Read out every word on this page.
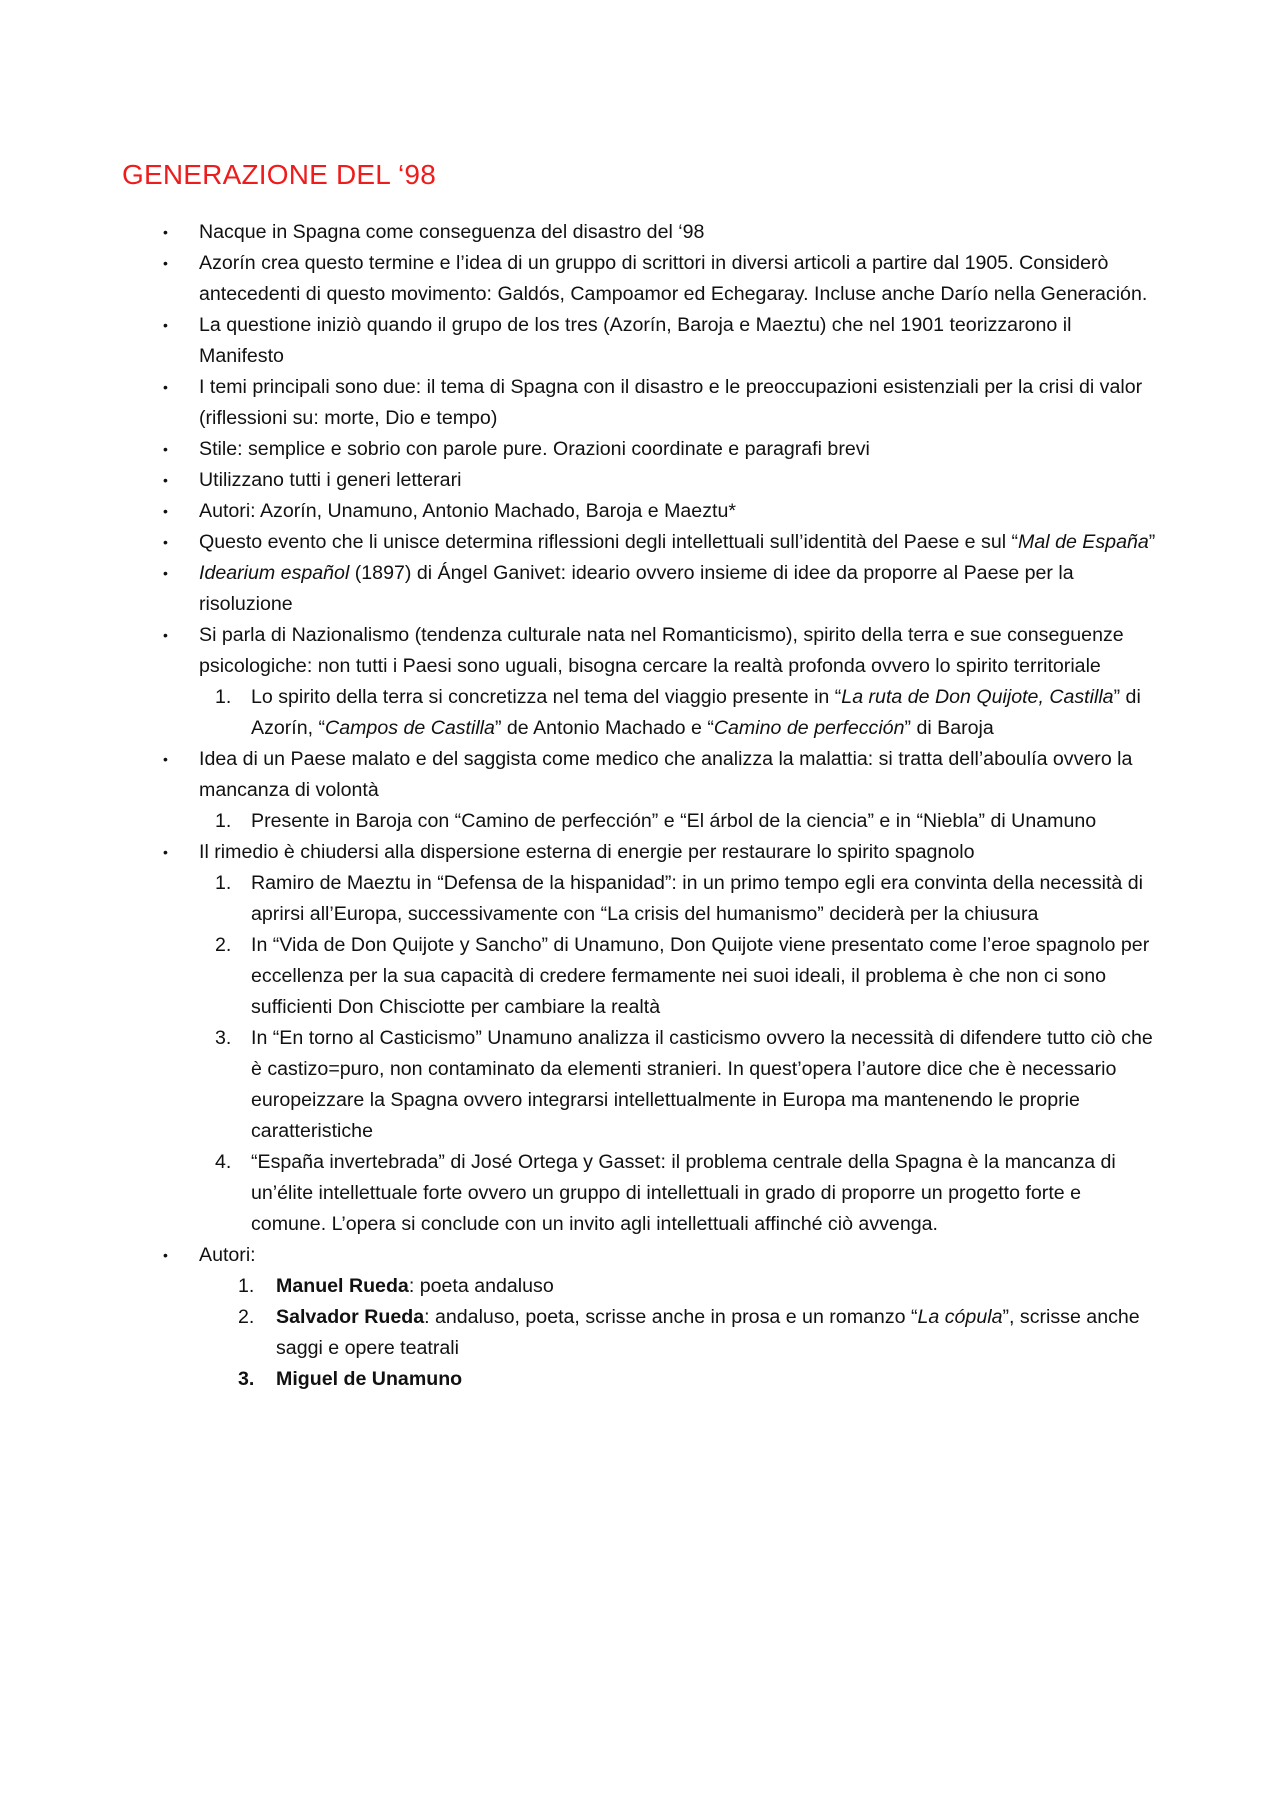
GENERAZIONE DEL ‘98
• Nacque in Spagna come conseguenza del disastro del ‘98
• Azorín crea questo termine e l’idea di un gruppo di scrittori in diversi articoli a partire dal 1905. Considerò antecedenti di questo movimento: Galdós, Campoamor ed Echegaray. Incluse anche Darío nella Generación.
• La questione iniziò quando il grupo de los tres (Azorín, Baroja e Maeztu) che nel 1901 teorizzarono il Manifesto
• I temi principali sono due: il tema di Spagna con il disastro e le preoccupazioni esistenziali per la crisi di valor (riflessioni su: morte, Dio e tempo)
• Stile: semplice e sobrio con parole pure. Orazioni coordinate e paragrafi brevi
• Utilizzano tutti i generi letterari
• Autori: Azorín, Unamuno, Antonio Machado, Baroja e Maeztu*
• Questo evento che li unisce determina riflessioni degli intellettuali sull’identità del Paese e sul “Mal de España”
• Idearium español (1897) di Ángel Ganivet: ideario ovvero insieme di idee da proporre al Paese per la risoluzione
• Si parla di Nazionalismo (tendenza culturale nata nel Romanticismo), spirito della terra e sue conseguenze psicologiche: non tutti i Paesi sono uguali, bisogna cercare la realtà profonda ovvero lo spirito territoriale
1. Lo spirito della terra si concretizza nel tema del viaggio presente in “La ruta de Don Quijote, Castilla” di Azorín, “Campos de Castilla” de Antonio Machado e “Camino de perfección” di Baroja
• Idea di un Paese malato e del saggista come medico che analizza la malattia: si tratta dell’aboulía ovvero la mancanza di volontà
1. Presente in Baroja con “Camino de perfección” e “El árbol de la ciencia” e in “Niebla” di Unamuno
• Il rimedio è chiudersi alla dispersione esterna di energie per restaurare lo spirito spagnolo
1. Ramiro de Maeztu in “Defensa de la hispanidad”: in un primo tempo egli era convinta della necessità di aprirsi all’Europa, successivamente con “La crisis del humanismo” deciderà per la chiusura
2. In “Vida de Don Quijote y Sancho” di Unamuno, Don Quijote viene presentato come l’eroe spagnolo per eccellenza per la sua capacità di credere fermamente nei suoi ideali, il problema è che non ci sono sufficienti Don Chisciotte per cambiare la realtà
3. In “En torno al Casticismo” Unamuno analizza il casticismo ovvero la necessità di difendere tutto ciò che è castizo=puro, non contaminato da elementi stranieri. In quest’opera l’autore dice che è necessario europeizzare la Spagna ovvero integrarsi intellettualmente in Europa ma mantenendo le proprie caratteristiche
4. “España invertebrada” di José Ortega y Gasset: il problema centrale della Spagna è la mancanza di un’élite intellettuale forte ovvero un gruppo di intellettuali in grado di proporre un progetto forte e comune. L’opera si conclude con un invito agli intellettuali affinché ciò avvenga.
• Autori:
1. Manuel Rueda: poeta andaluso
2. Salvador Rueda: andaluso, poeta, scrisse anche in prosa e un romanzo “La cópula”, scrisse anche saggi e opere teatrali
3. Miguel de Unamuno
